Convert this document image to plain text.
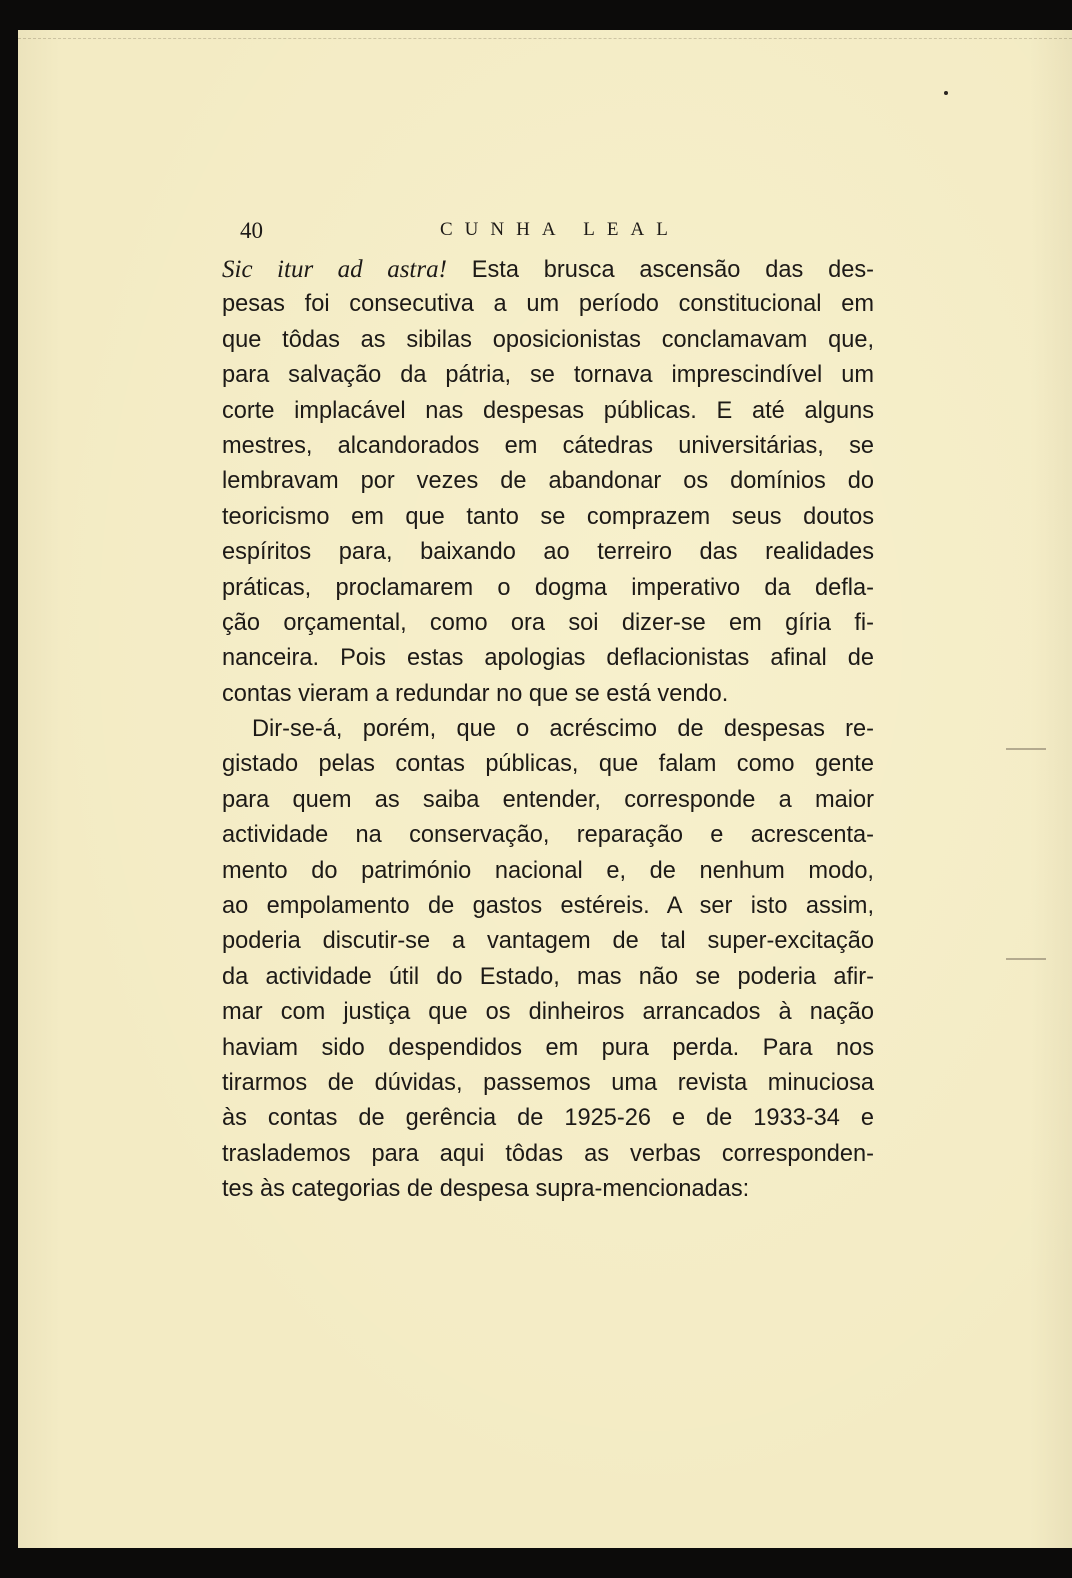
40	CUNHA LEAL
Sic itur ad astra! Esta brusca ascensão das des-
pesas foi consecutiva a um período constitucional em
que tôdas as sibilas oposicionistas conclamavam que,
para salvação da pátria, se tornava imprescindível um
corte implacável nas despesas públicas. E até alguns
mestres, alcandorados em cátedras universitárias, se
lembravam por vezes de abandonar os domínios do
teoricismo em que tanto se comprazem seus doutos
espíritos para, baixando ao terreiro das realidades
práticas, proclamarem o dogma imperativo da defla-
ção orçamental, como ora soi dizer-se em gíria fi-
nanceira. Pois estas apologias deflacionistas afinal de
contas vieram a redundar no que se está vendo.
Dir-se-á, porém, que o acréscimo de despesas re-
gistado pelas contas públicas, que falam como gente
para quem as saiba entender, corresponde a maior
actividade na conservação, reparação e acrescenta-
mento do património nacional e, de nenhum modo,
ao empolamento de gastos estéreis. A ser isto assim,
poderia discutir-se a vantagem de tal super-excitação
da actividade útil do Estado, mas não se poderia afir-
mar com justiça que os dinheiros arrancados à nação
haviam sido despendidos em pura perda. Para nos
tirarmos de dúvidas, passemos uma revista minuciosa
às contas de gerência de 1925-26 e de 1933-34 e
traslademos para aqui tôdas as verbas corresponden-
tes às categorias de despesa supra-mencionadas:
